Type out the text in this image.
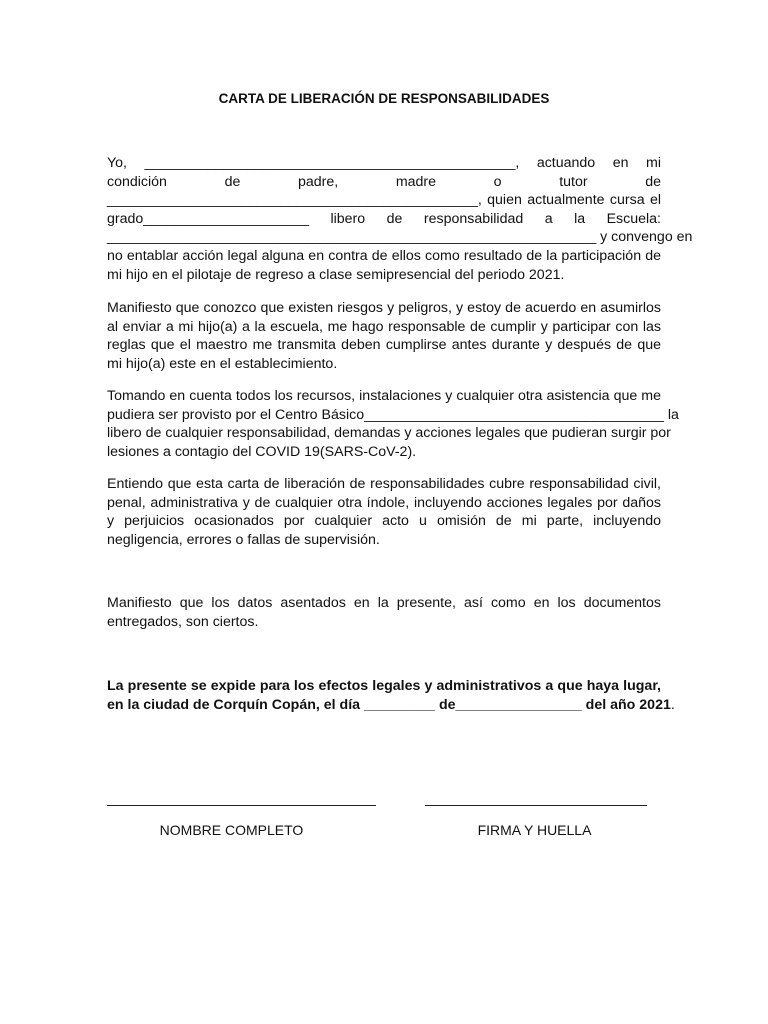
CARTA DE LIBERACIÓN DE RESPONSABILIDADES
Yo, _______________________________________________, actuando en mi
condición de padre, madre o tutor de
_______________________________________________, quien actualmente cursa el
grado_____________________ libero de responsabilidad a la Escuela:
______________________________________________________________ y convengo en
no entablar acción legal alguna en contra de ellos como resultado de la participación de
mi hijo en el pilotaje de regreso a clase semipresencial del periodo 2021.
Manifiesto que conozco que existen riesgos y peligros, y estoy de acuerdo en asumirlos al enviar a mi hijo(a) a la escuela, me hago responsable de cumplir y participar con las reglas que el maestro me transmita deben cumplirse antes durante y después de que mi hijo(a) este en el establecimiento.
Tomando en cuenta todos los recursos, instalaciones y cualquier otra asistencia que me
pudiera ser provisto por el Centro Básico______________________________________ la
libero de cualquier responsabilidad, demandas y acciones legales que pudieran surgir por
lesiones a contagio del COVID 19(SARS-CoV-2).
Entiendo que esta carta de liberación de responsabilidades cubre responsabilidad civil, penal, administrativa y de cualquier otra índole, incluyendo acciones legales por daños y perjuicios ocasionados por cualquier acto u omisión de mi parte, incluyendo negligencia, errores o fallas de supervisión.
Manifiesto que los datos asentados en la presente, así como en los documentos entregados, son ciertos.
La presente se expide para los efectos legales y administrativos a que haya lugar,
en la ciudad de Corquín Copán, el día _________ de________________ del año 2021.
NOMBRE COMPLETO	FIRMA Y HUELLA
